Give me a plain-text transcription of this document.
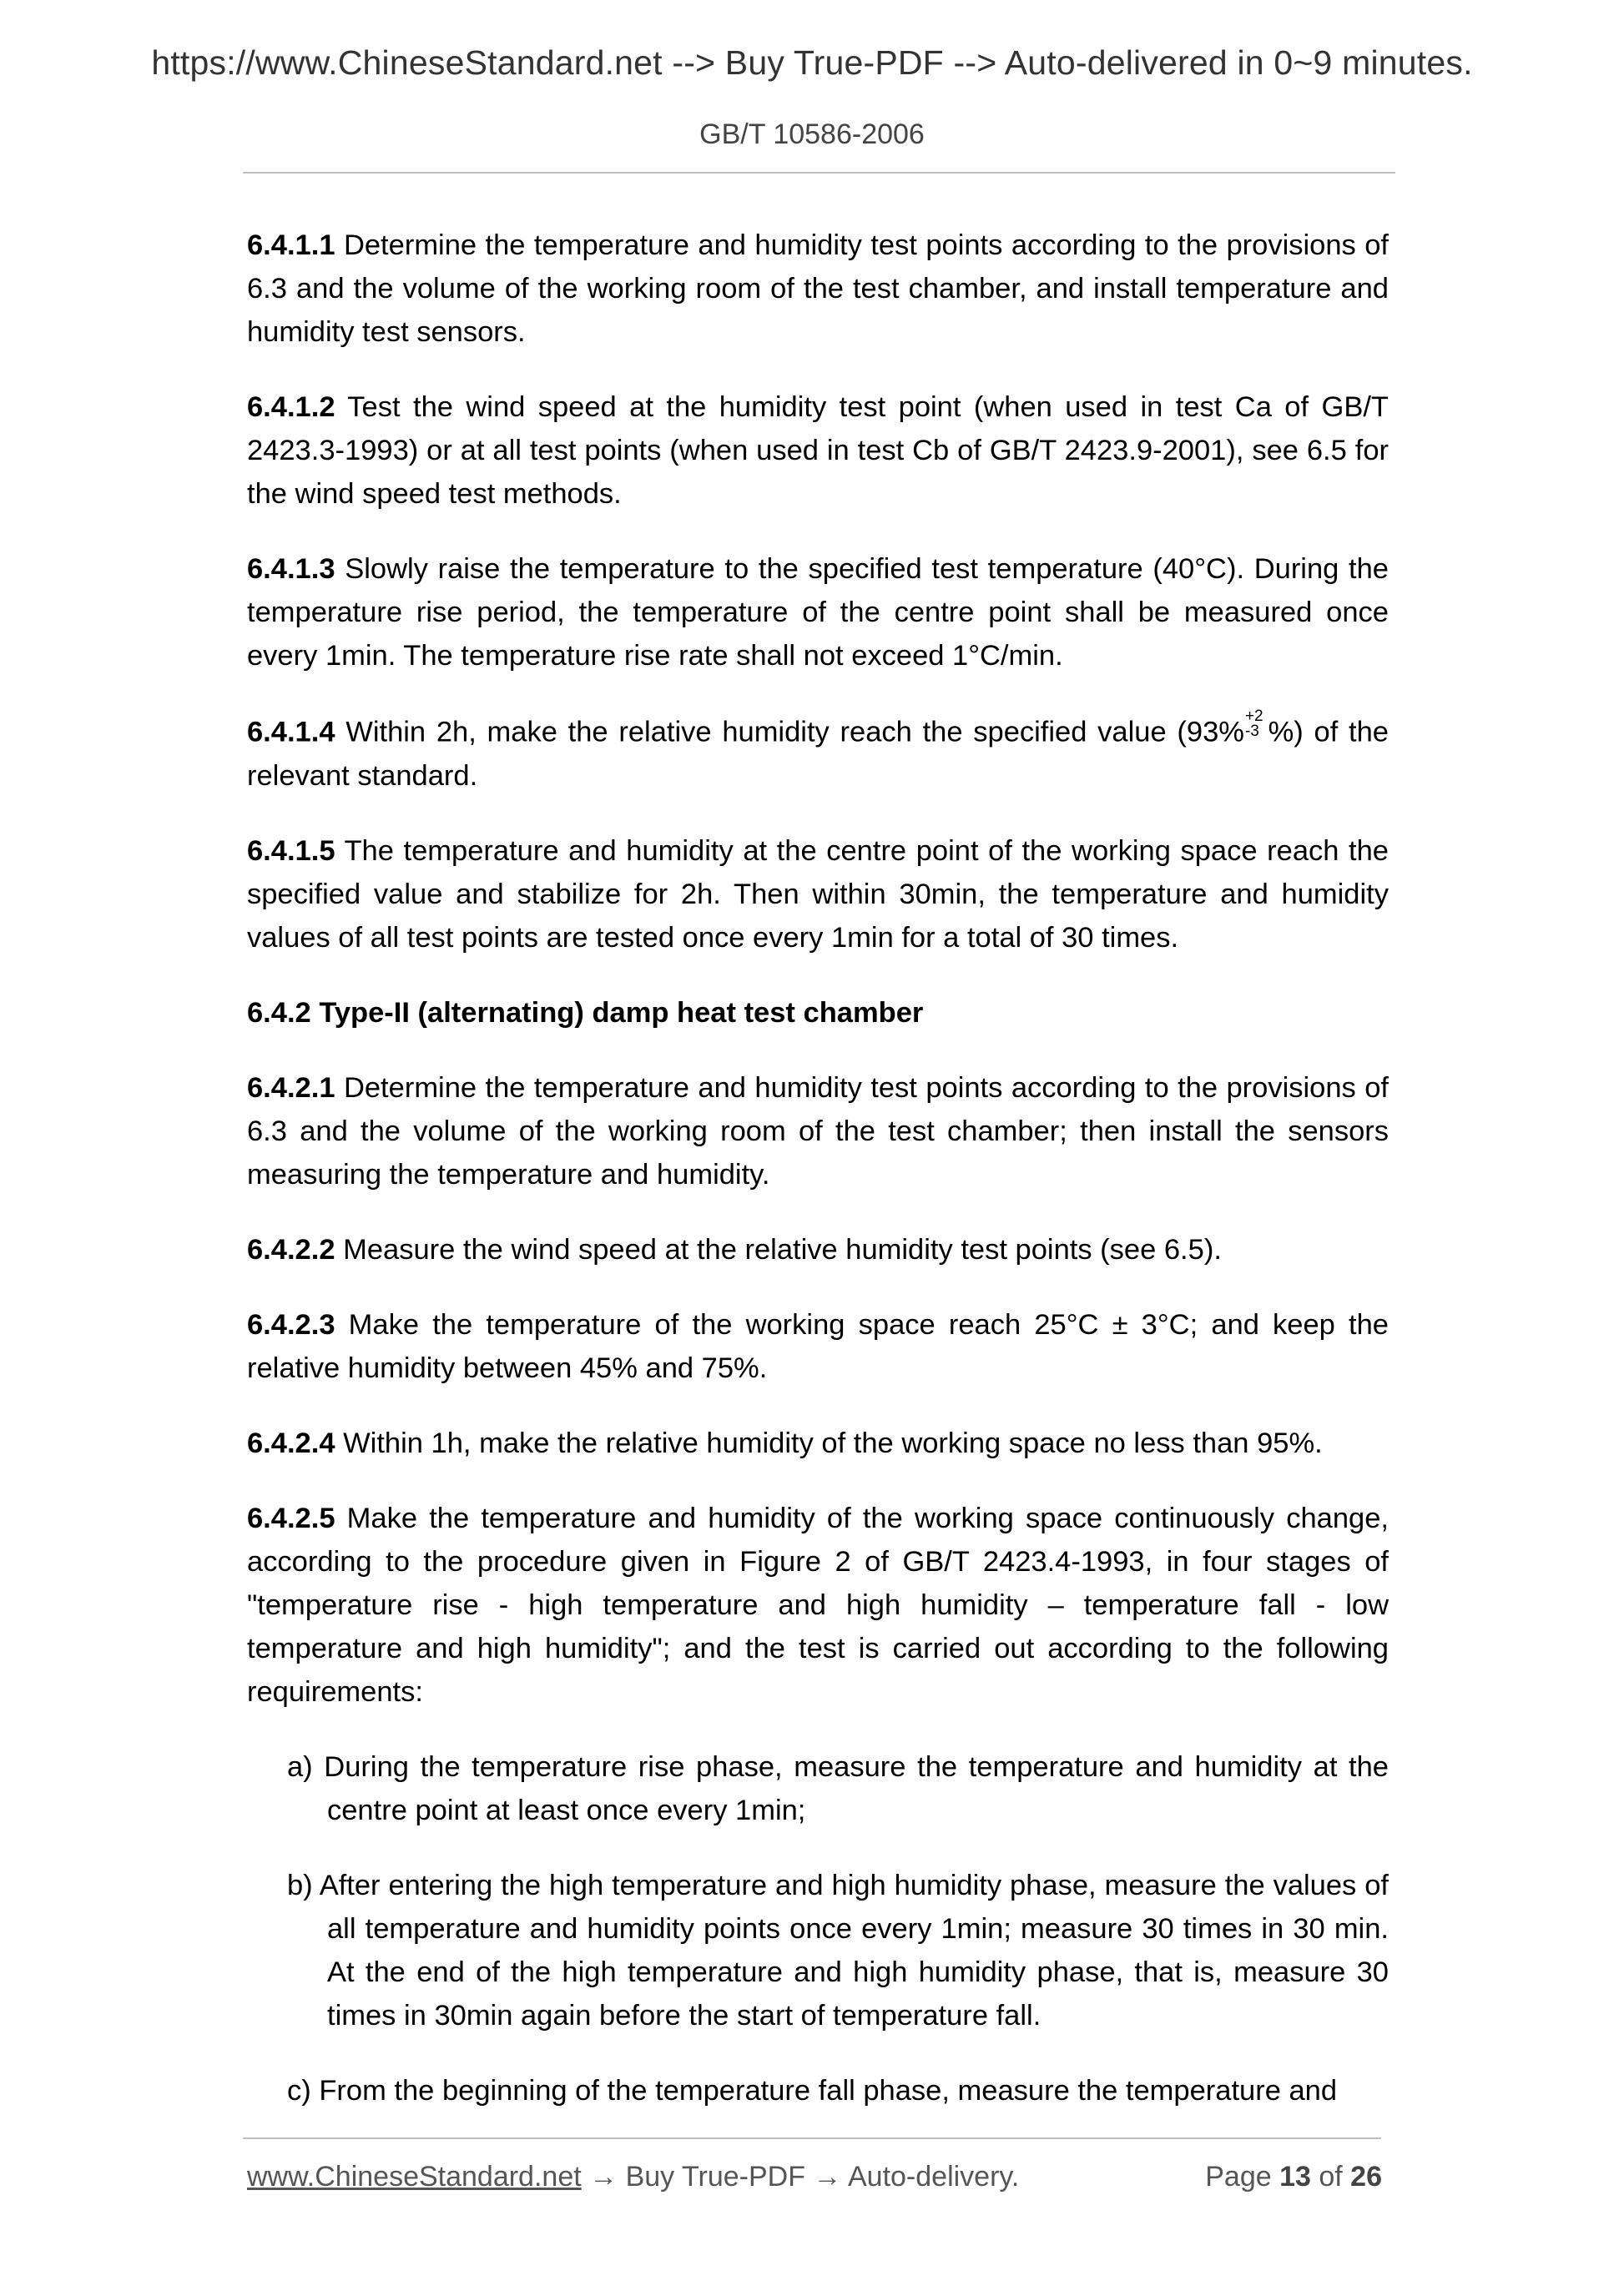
https://www.ChineseStandard.net --> Buy True-PDF --> Auto-delivered in 0~9 minutes.
GB/T 10586-2006

6.4.1.1 Determine the temperature and humidity test points according to the provisions of 6.3 and the volume of the working room of the test chamber, and install temperature and humidity test sensors.

6.4.1.2 Test the wind speed at the humidity test point (when used in test Ca of GB/T 2423.3-1993) or at all test points (when used in test Cb of GB/T 2423.9-2001), see 6.5 for the wind speed test methods.

6.4.1.3 Slowly raise the temperature to the specified test temperature (40°C). During the temperature rise period, the temperature of the centre point shall be measured once every 1min. The temperature rise rate shall not exceed 1°C/min.

6.4.1.4 Within 2h, make the relative humidity reach the specified value (93%
+2
-3 %) of the relevant standard.

6.4.1.5 The temperature and humidity at the centre point of the working space reach the specified value and stabilize for 2h. Then within 30min, the temperature and humidity values of all test points are tested once every 1min for a total of 30 times.

6.4.2 Type-II (alternating) damp heat test chamber

6.4.2.1 Determine the temperature and humidity test points according to the provisions of 6.3 and the volume of the working room of the test chamber; then install the sensors measuring the temperature and humidity.

6.4.2.2 Measure the wind speed at the relative humidity test points (see 6.5).

6.4.2.3 Make the temperature of the working space reach 25°C ± 3°C; and keep the relative humidity between 45% and 75%.

6.4.2.4 Within 1h, make the relative humidity of the working space no less than 95%.

6.4.2.5 Make the temperature and humidity of the working space continuously change, according to the procedure given in Figure 2 of GB/T 2423.4-1993, in four stages of "temperature rise - high temperature and high humidity – temperature fall - low temperature and high humidity"; and the test is carried out according to the following requirements:

a) During the temperature rise phase, measure the temperature and humidity at the centre point at least once every 1min;

b) After entering the high temperature and high humidity phase, measure the values of all temperature and humidity points once every 1min; measure 30 times in 30 min. At the end of the high temperature and high humidity phase, that is, measure 30 times in 30min again before the start of temperature fall.

c) From the beginning of the temperature fall phase, measure the temperature and

www.ChineseStandard.net → Buy True-PDF → Auto-delivery.	Page 13 of 26
